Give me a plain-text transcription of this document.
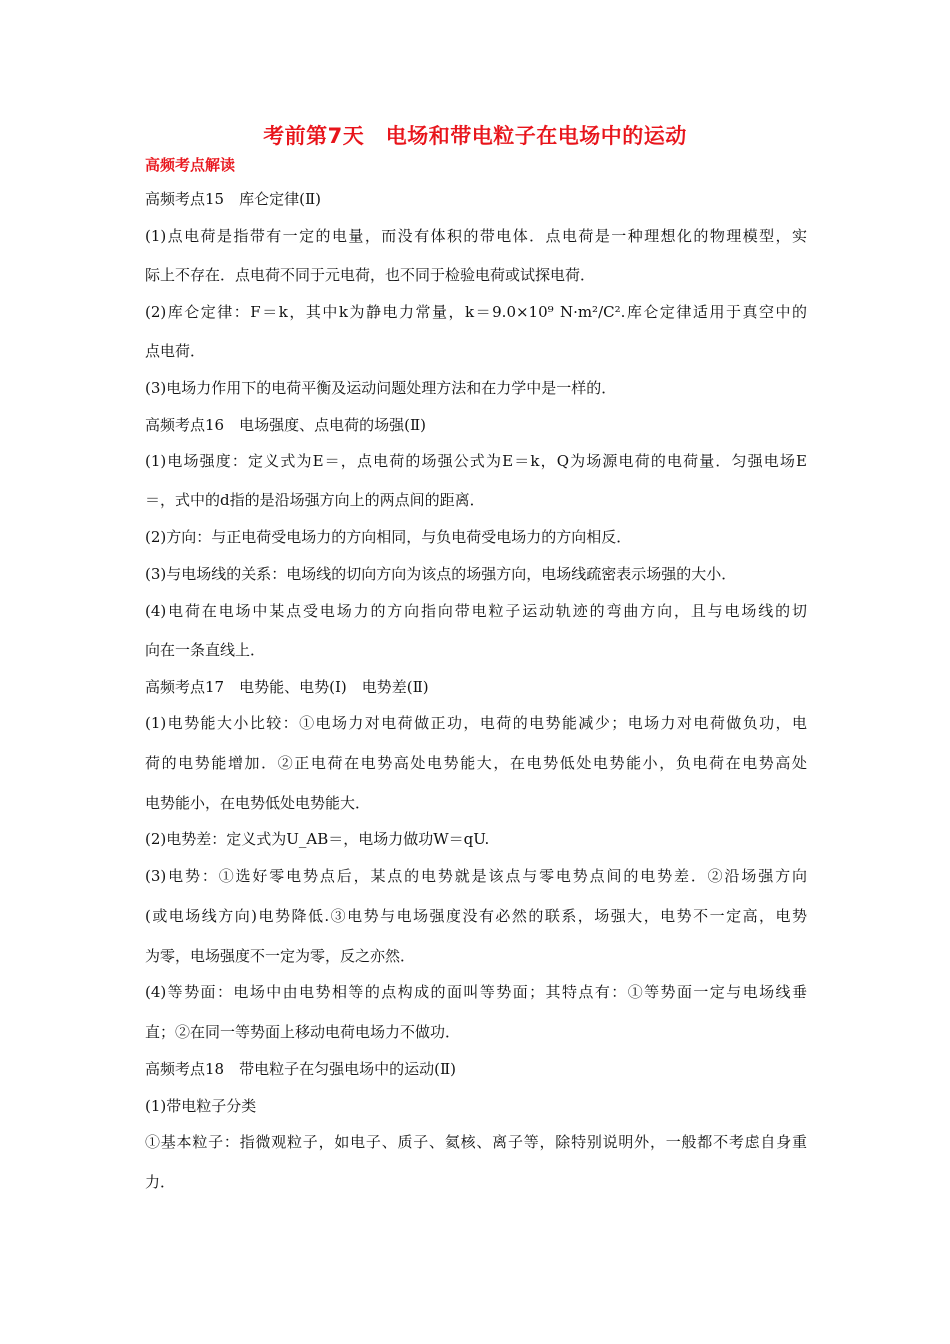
考前第7天　电场和带电粒子在电场中的运动
高频考点解读
高频考点15　库仑定律(Ⅱ)
(1)点电荷是指带有一定的电量，而没有体积的带电体．点电荷是一种理想化的物理模型，实
际上不存在．点电荷不同于元电荷，也不同于检验电荷或试探电荷．
(2)库仑定律：F＝k，其中k为静电力常量，k＝9.0×10⁹ N·m²/C².库仑定律适用于真空中的
点电荷．
(3)电场力作用下的电荷平衡及运动问题处理方法和在力学中是一样的．
高频考点16　电场强度、点电荷的场强(Ⅱ)
(1)电场强度：定义式为E＝，点电荷的场强公式为E＝k，Q为场源电荷的电荷量．匀强电场E
＝，式中的d指的是沿场强方向上的两点间的距离．
(2)方向：与正电荷受电场力的方向相同，与负电荷受电场力的方向相反．
(3)与电场线的关系：电场线的切向方向为该点的场强方向，电场线疏密表示场强的大小．
(4)电荷在电场中某点受电场力的方向指向带电粒子运动轨迹的弯曲方向，且与电场线的切
向在一条直线上．
高频考点17　电势能、电势(Ⅰ)　电势差(Ⅱ)
(1)电势能大小比较：①电场力对电荷做正功，电荷的电势能减少；电场力对电荷做负功，电
荷的电势能增加．②正电荷在电势高处电势能大，在电势低处电势能小，负电荷在电势高处
电势能小，在电势低处电势能大．
(2)电势差：定义式为U_AB＝，电场力做功W＝qU.
(3)电势：①选好零电势点后，某点的电势就是该点与零电势点间的电势差．②沿场强方向
(或电场线方向)电势降低.③电势与电场强度没有必然的联系，场强大，电势不一定高，电势
为零，电场强度不一定为零，反之亦然．
(4)等势面：电场中由电势相等的点构成的面叫等势面；其特点有：①等势面一定与电场线垂
直；②在同一等势面上移动电荷电场力不做功．
高频考点18　带电粒子在匀强电场中的运动(Ⅱ)
(1)带电粒子分类
①基本粒子：指微观粒子，如电子、质子、氦核、离子等，除特别说明外，一般都不考虑自身重
力．
